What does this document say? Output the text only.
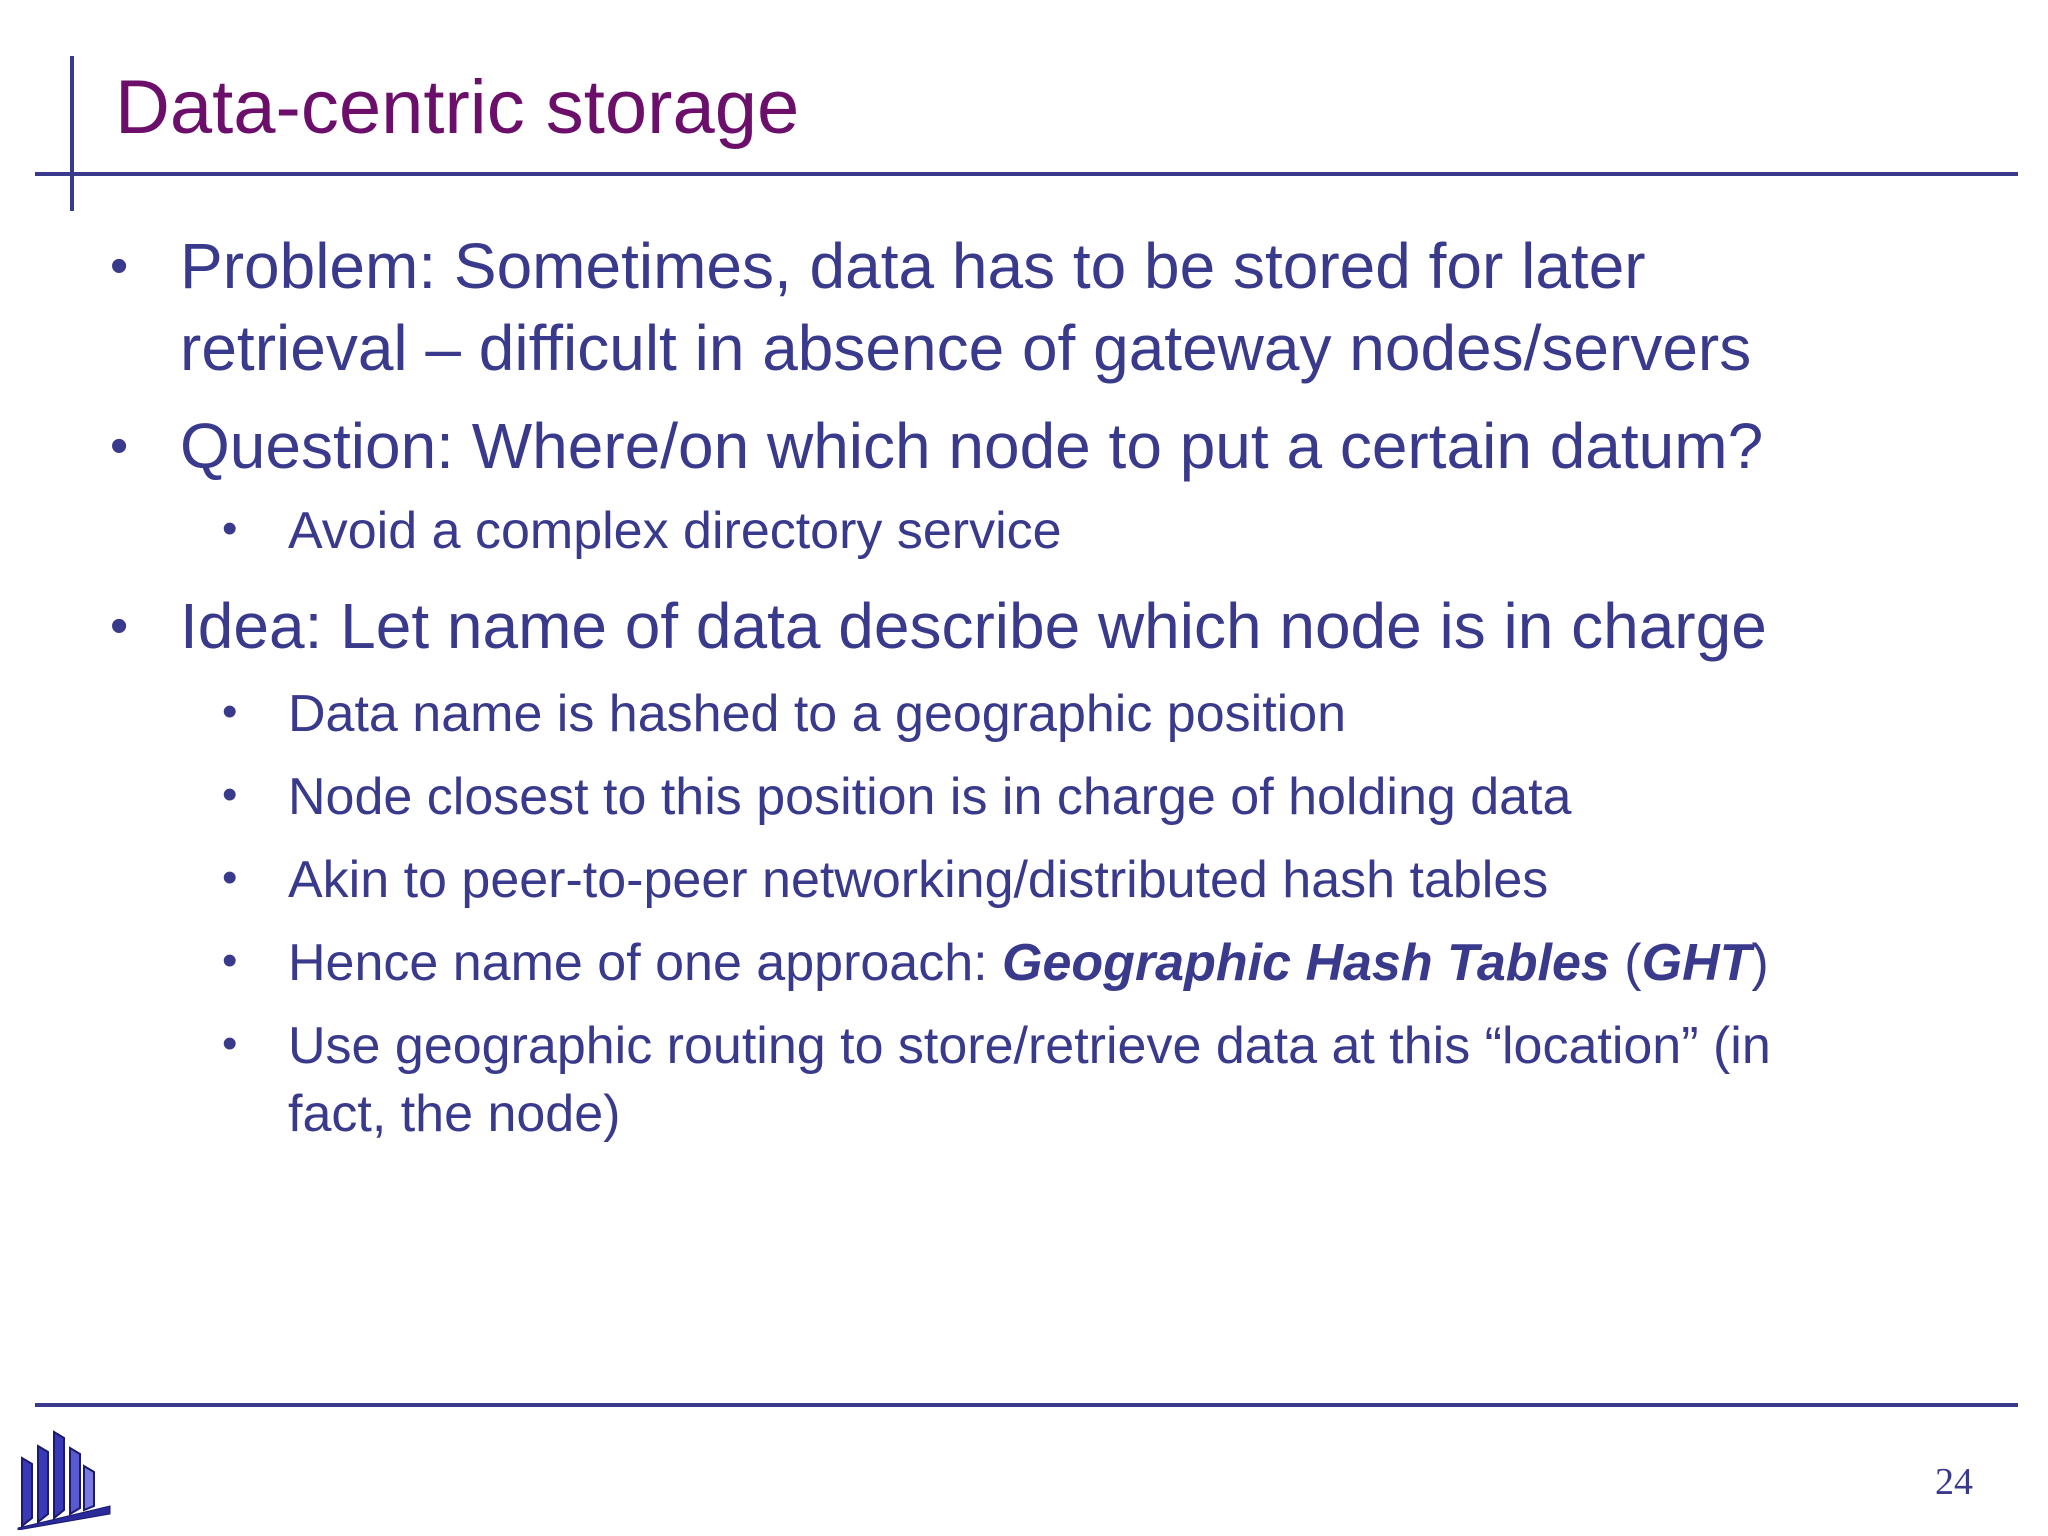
Data-centric storage
• Problem: Sometimes, data has to be stored for later
retrieval – difficult in absence of gateway nodes/servers
• Question: Where/on which node to put a certain datum?
• Avoid a complex directory service
• Idea: Let name of data describe which node is in charge
• Data name is hashed to a geographic position
• Node closest to this position is in charge of holding data
• Akin to peer-to-peer networking/distributed hash tables
• Hence name of one approach: Geographic Hash Tables (GHT)
• Use geographic routing to store/retrieve data at this “location” (in
fact, the node)
24
